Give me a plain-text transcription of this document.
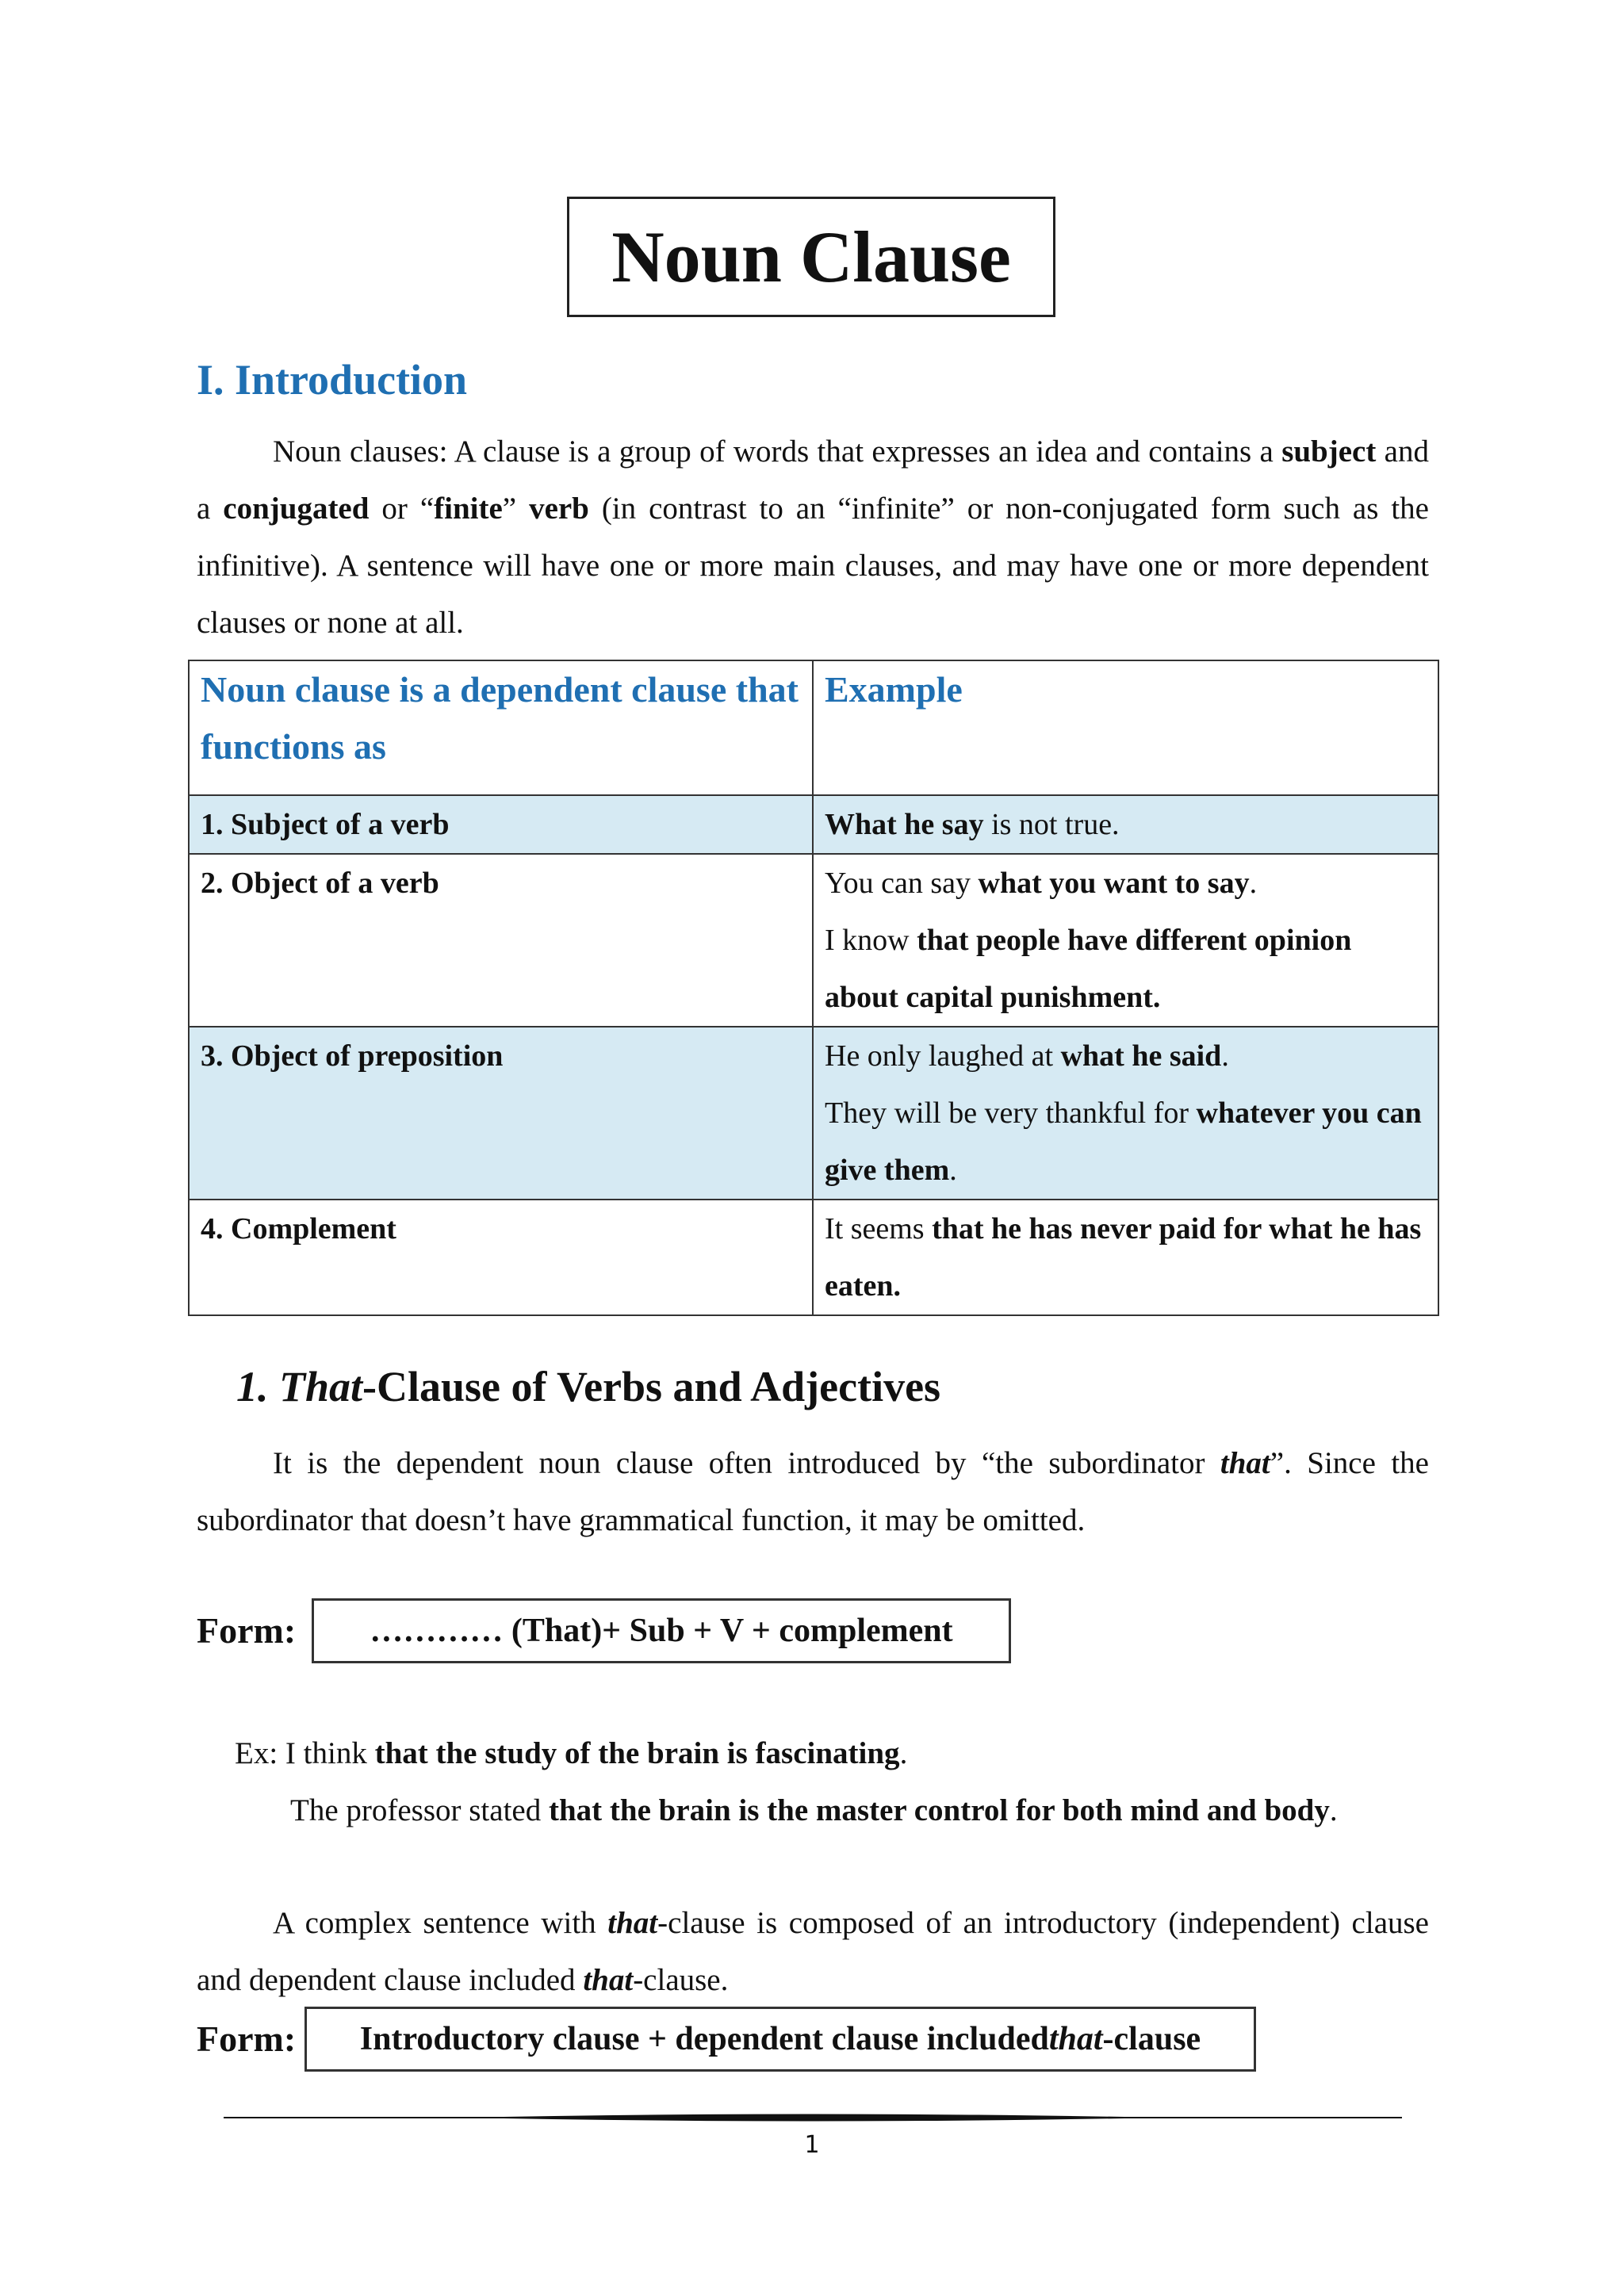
Noun Clause
I. Introduction
Noun clauses: A clause is a group of words that expresses an idea and contains a subject and a conjugated or “finite” verb (in contrast to an “infinite” or non-conjugated form such as the infinitive). A sentence will have one or more main clauses, and may have one or more dependent clauses or none at all.
Noun clause is a dependent clause that functions as	Example
1. Subject of a verb	What he say is not true.
2. Object of a verb	You can say what you want to say.
I know that people have different opinion about capital punishment.

3. Object of preposition	He only laughed at what he said.
They will be very thankful for whatever you can give them.

4. Complement	It seems that he has never paid for what he has eaten.
1. That-Clause of Verbs and Adjectives
It is the dependent noun clause often introduced by “the subordinator that”. Since the subordinator that doesn’t have grammatical function, it may be omitted.
Form:	………… (That)+ Sub + V + complement
Ex: I think that the study of the brain is fascinating.
The professor stated that the brain is the master control for both mind and body.
A complex sentence with that-clause is composed of an introductory (independent) clause and dependent clause included that-clause.
Form: Introductory clause + dependent clause included that -clause
1
